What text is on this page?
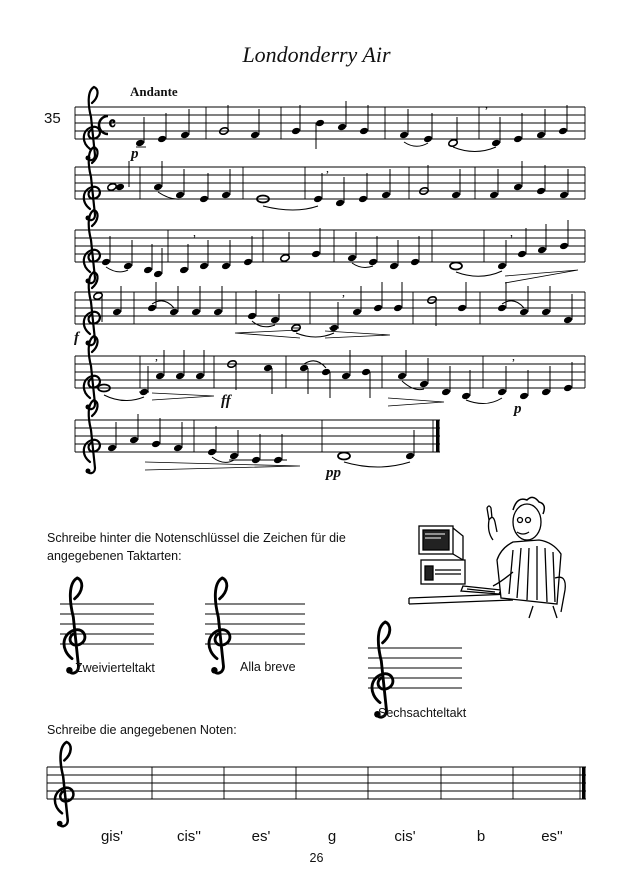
Londonderry Air
Andante
35	𝄴
,
,
,	,
,
,	,
p
f
ff	p
pp
Schreibe hinter die Notenschlüssel die Zeichen für die
angegebenen Taktarten:
Zweivierteltakt	Alla breve
Sechsachteltakt
Schreibe die angegebenen Noten:
gis'	cis''	es'	g	cis'	b	es''
26
